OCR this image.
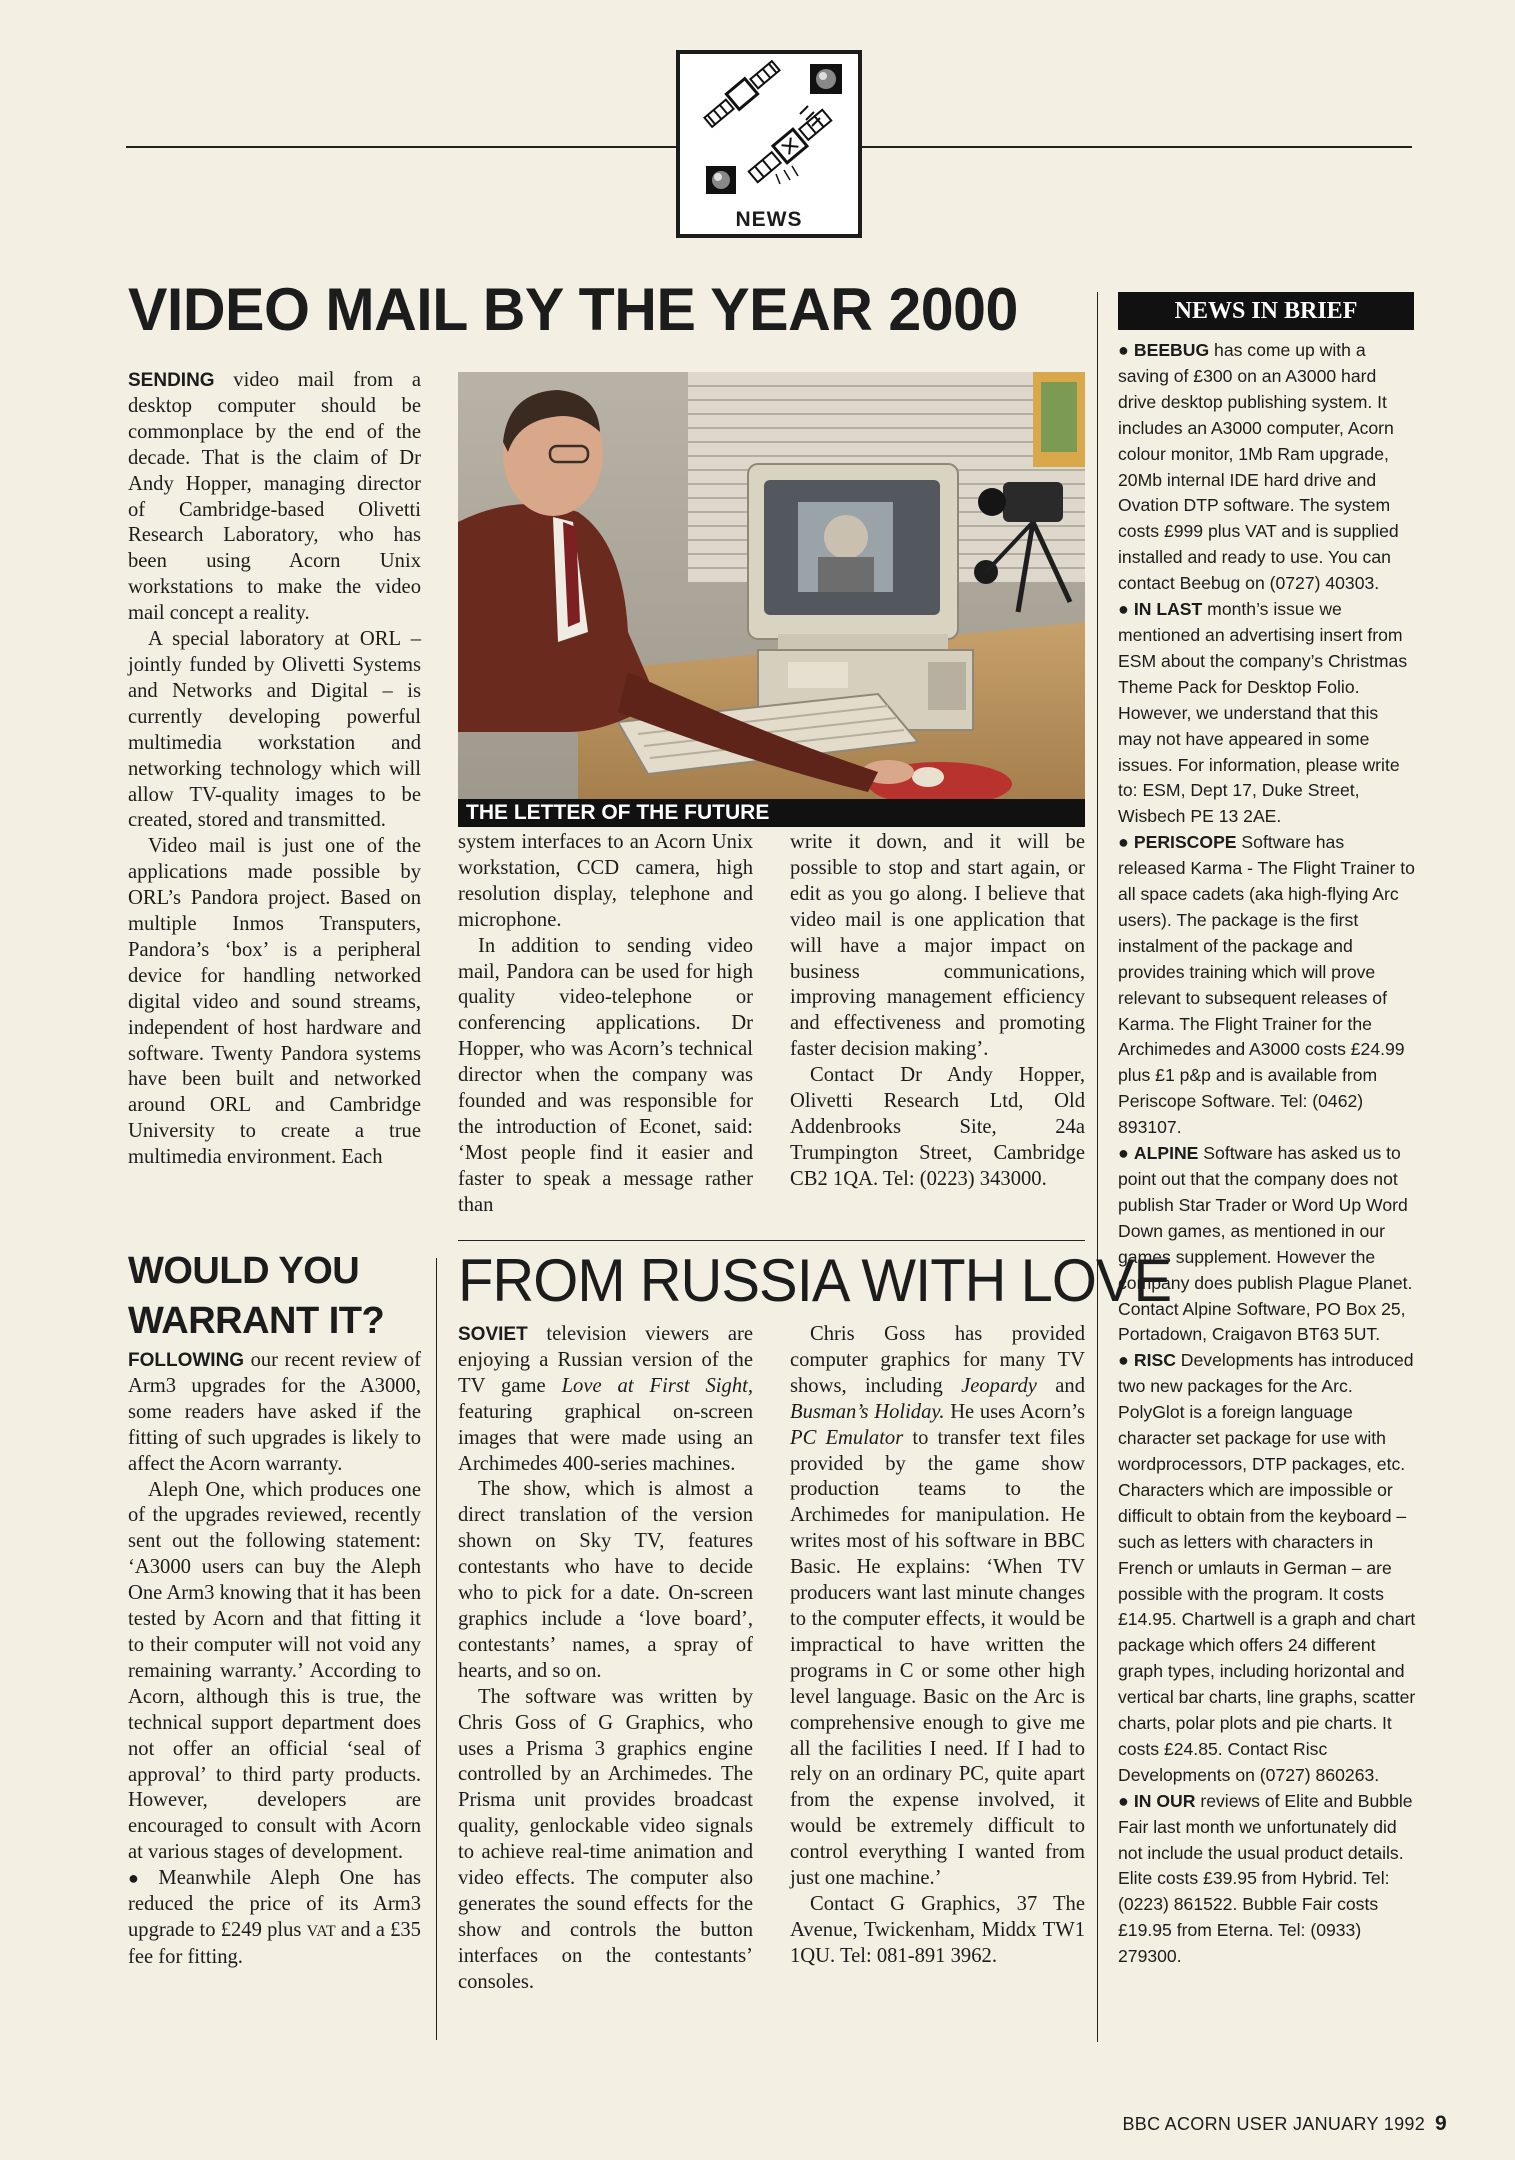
NEWS
VIDEO MAIL BY THE YEAR 2000

SENDING video mail from a desktop computer should be commonplace by the end of the decade. That is the claim of Dr Andy Hopper, managing director of Cambridge-based Olivetti Research Laboratory, who has been using Acorn Unix workstations to make the video mail concept a reality.

A special laboratory at ORL – jointly funded by Olivetti Systems and Networks and Digital – is currently developing powerful multimedia workstation and networking technology which will allow TV-quality images to be created, stored and transmitted.

Video mail is just one of the applications made possible by ORL’s Pandora project. Based on multiple Inmos Transputers, Pandora’s ‘box’ is a peripheral device for handling networked digital video and sound streams, independent of host hardware and software. Twenty Pandora systems have been built and networked around ORL and Cambridge University to create a true multimedia environment. Each

THE LETTER OF THE FUTURE

system interfaces to an Acorn Unix workstation, CCD camera, high resolution display, telephone and microphone.

In addition to sending video mail, Pandora can be used for high quality video-telephone or conferencing applications. Dr Hopper, who was Acorn’s technical director when the company was founded and was responsible for the introduction of Econet, said: ‘Most people find it easier and faster to speak a message rather than

write it down, and it will be possible to stop and start again, or edit as you go along. I believe that video mail is one application that will have a major impact on business communications, improving management efficiency and effectiveness and promoting faster decision making’.

Contact Dr Andy Hopper, Olivetti Research Ltd, Old Addenbrooks Site, 24a Trumpington Street, Cambridge CB2 1QA. Tel: (0223) 343000.

WOULD YOU
WARRANT IT?

FOLLOWING our recent review of Arm3 upgrades for the A3000, some readers have asked if the fitting of such upgrades is likely to affect the Acorn warranty.

Aleph One, which produces one of the upgrades reviewed, recently sent out the following statement: ‘A3000 users can buy the Aleph One Arm3 knowing that it has been tested by Acorn and that fitting it to their computer will not void any remaining warranty.’ According to Acorn, although this is true, the technical support department does not offer an official ‘seal of approval’ to third party products. However, developers are encouraged to consult with Acorn at various stages of development.

● Meanwhile Aleph One has reduced the price of its Arm3 upgrade to £249 plus VAT and a £35 fee for fitting.

FROM RUSSIA WITH LOVE

SOVIET television viewers are enjoying a Russian version of the TV game Love at First Sight, featuring graphical on-screen images that were made using an Archimedes 400-series machines.

The show, which is almost a direct translation of the version shown on Sky TV, features contestants who have to decide who to pick for a date. On-screen graphics include a ‘love board’, contestants’ names, a spray of hearts, and so on.

The software was written by Chris Goss of G Graphics, who uses a Prisma 3 graphics engine controlled by an Archimedes. The Prisma unit provides broadcast quality, genlockable video signals to achieve real-time animation and video effects. The computer also generates the sound effects for the show and controls the button interfaces on the contestants’ consoles.

Chris Goss has provided computer graphics for many TV shows, including Jeopardy and Busman’s Holiday. He uses Acorn’s PC Emulator to transfer text files provided by the game show production teams to the Archimedes for manipulation. He writes most of his software in BBC Basic. He explains: ‘When TV producers want last minute changes to the computer effects, it would be impractical to have written the programs in C or some other high level language. Basic on the Arc is comprehensive enough to give me all the facilities I need. If I had to rely on an ordinary PC, quite apart from the expense involved, it would be extremely difficult to control everything I wanted from just one machine.’

Contact G Graphics, 37 The Avenue, Twickenham, Middx TW1 1QU. Tel: 081-891 3962.

NEWS IN BRIEF

● BEEBUG has come up with a saving of £300 on an A3000 hard drive desktop publishing system. It includes an A3000 computer, Acorn colour monitor, 1Mb Ram upgrade, 20Mb internal IDE hard drive and Ovation DTP software. The system costs £999 plus VAT and is supplied installed and ready to use. You can contact Beebug on (0727) 40303.

● IN LAST month’s issue we mentioned an advertising insert from ESM about the company’s Christmas Theme Pack for Desktop Folio. However, we understand that this may not have appeared in some issues. For information, please write to: ESM, Dept 17, Duke Street, Wisbech PE 13 2AE.

● PERISCOPE Software has released Karma - The Flight Trainer to all space cadets (aka high-flying Arc users). The package is the first instalment of the package and provides training which will prove relevant to subsequent releases of Karma. The Flight Trainer for the Archimedes and A3000 costs £24.99 plus £1 p&p and is available from Periscope Software. Tel: (0462) 893107.

● ALPINE Software has asked us to point out that the company does not publish Star Trader or Word Up Word Down games, as mentioned in our games supplement. However the company does publish Plague Planet. Contact Alpine Software, PO Box 25, Portadown, Craigavon BT63 5UT.

● RISC Developments has introduced two new packages for the Arc. PolyGlot is a foreign language character set package for use with wordprocessors, DTP packages, etc. Characters which are impossible or difficult to obtain from the keyboard – such as letters with characters in French or umlauts in German – are possible with the program. It costs £14.95. Chartwell is a graph and chart package which offers 24 different graph types, including horizontal and vertical bar charts, line graphs, scatter charts, polar plots and pie charts. It costs £24.85. Contact Risc Developments on (0727) 860263.

● IN OUR reviews of Elite and Bubble Fair last month we unfortunately did not include the usual product details. Elite costs £39.95 from Hybrid. Tel: (0223) 861522. Bubble Fair costs £19.95 from Eterna. Tel: (0933) 279300.

BBC ACORN USER JANUARY 1992 9
